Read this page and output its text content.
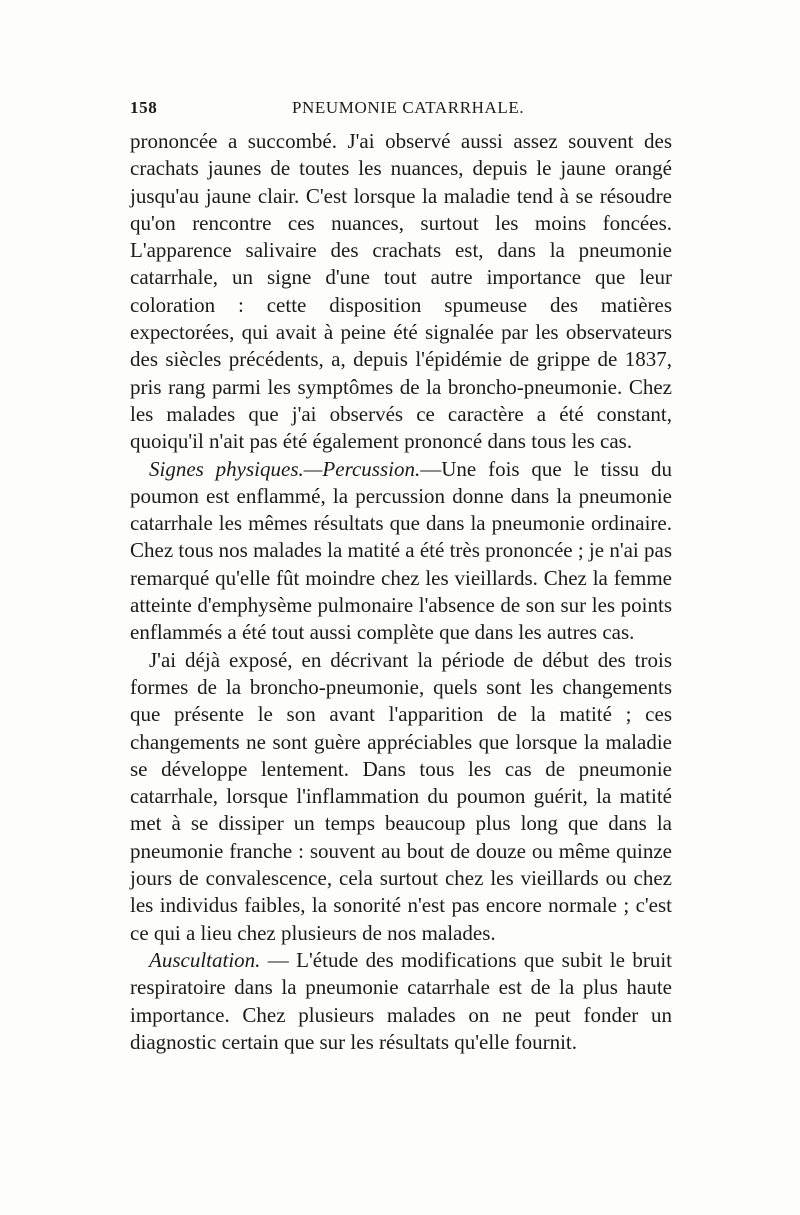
158	PNEUMONIE CATARRHALE.

prononcée a succombé. J'ai observé aussi assez souvent des crachats jaunes de toutes les nuances, depuis le jaune orangé jusqu'au jaune clair. C'est lorsque la maladie tend à se résoudre qu'on rencontre ces nuances, surtout les moins foncées. L'apparence salivaire des crachats est, dans la pneumonie catarrhale, un signe d'une tout autre importance que leur coloration : cette disposition spumeuse des matières expectorées, qui avait à peine été signalée par les observateurs des siècles précédents, a, depuis l'épidémie de grippe de 1837, pris rang parmi les symptômes de la broncho-pneumonie. Chez les malades que j'ai observés ce caractère a été constant, quoiqu'il n'ait pas été également prononcé dans tous les cas.

Signes physiques.—Percussion.—Une fois que le tissu du poumon est enflammé, la percussion donne dans la pneumonie catarrhale les mêmes résultats que dans la pneumonie ordinaire. Chez tous nos malades la matité a été très prononcée ; je n'ai pas remarqué qu'elle fût moindre chez les vieillards. Chez la femme atteinte d'emphysème pulmonaire l'absence de son sur les points enflammés a été tout aussi complète que dans les autres cas.

J'ai déjà exposé, en décrivant la période de début des trois formes de la broncho-pneumonie, quels sont les changements que présente le son avant l'apparition de la matité ; ces changements ne sont guère appréciables que lorsque la maladie se développe lentement. Dans tous les cas de pneumonie catarrhale, lorsque l'inflammation du poumon guérit, la matité met à se dissiper un temps beaucoup plus long que dans la pneumonie franche : souvent au bout de douze ou même quinze jours de convalescence, cela surtout chez les vieillards ou chez les individus faibles, la sonorité n'est pas encore normale ; c'est ce qui a lieu chez plusieurs de nos malades.

Auscultation. — L'étude des modifications que subit le bruit respiratoire dans la pneumonie catarrhale est de la plus haute importance. Chez plusieurs malades on ne peut fonder un diagnostic certain que sur les résultats qu'elle fournit.
